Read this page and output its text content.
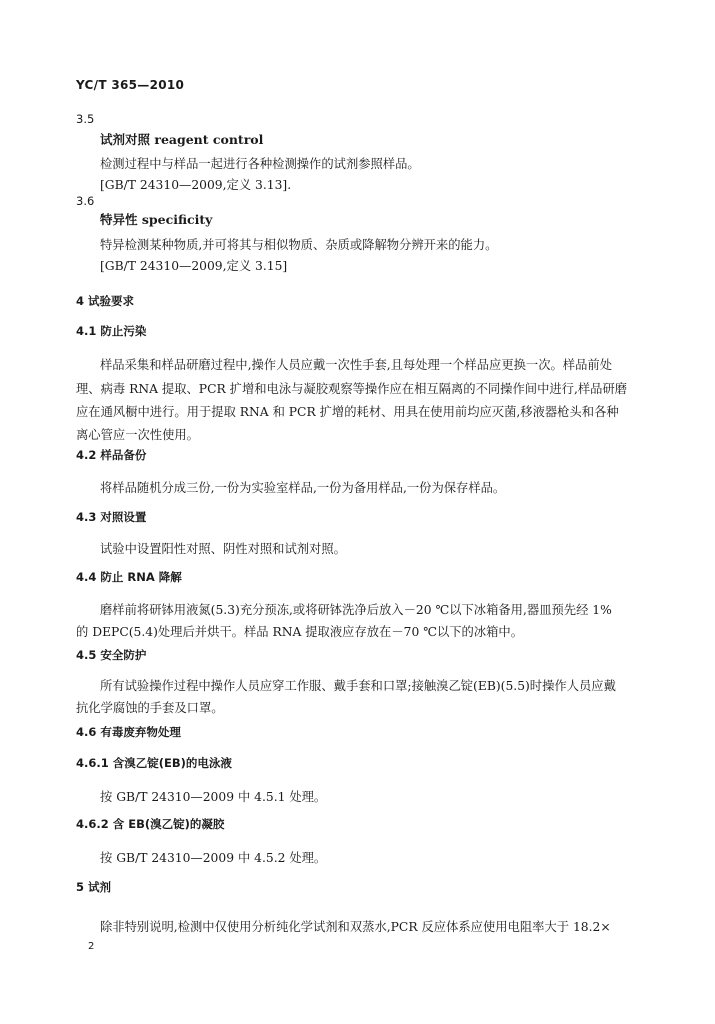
YC/T 365—2010
3.5
试剂对照 reagent control
检测过程中与样品一起进行各种检测操作的试剂参照样品。
[GB/T 24310—2009,定义 3.13].
3.6
特异性 specificity
特异检测某种物质,并可将其与相似物质、杂质或降解物分辨开来的能力。
[GB/T 24310—2009,定义 3.15]
4 试验要求
4.1 防止污染
样品采集和样品研磨过程中,操作人员应戴一次性手套,且每处理一个样品应更换一次。样品前处
理、病毒 RNA 提取、PCR 扩增和电泳与凝胶观察等操作应在相互隔离的不同操作间中进行,样品研磨
应在通风橱中进行。用于提取 RNA 和 PCR 扩增的耗材、用具在使用前均应灭菌,移液器枪头和各种
离心管应一次性使用。
4.2 样品备份
将样品随机分成三份,一份为实验室样品,一份为备用样品,一份为保存样品。
4.3 对照设置
试验中设置阳性对照、阴性对照和试剂对照。
4.4 防止 RNA 降解
磨样前将研钵用液氮(5.3)充分预冻,或将研钵洗净后放入－20 ℃以下冰箱备用,器皿预先经 1%
的 DEPC(5.4)处理后并烘干。样品 RNA 提取液应存放在－70 ℃以下的冰箱中。
4.5 安全防护
所有试验操作过程中操作人员应穿工作服、戴手套和口罩;接触溴乙锭(EB)(5.5)时操作人员应戴
抗化学腐蚀的手套及口罩。
4.6 有毒废弃物处理
4.6.1 含溴乙锭(EB)的电泳液
按 GB/T 24310—2009 中 4.5.1 处理。
4.6.2 含 EB(溴乙锭)的凝胶
按 GB/T 24310—2009 中 4.5.2 处理。
5 试剂
除非特别说明,检测中仅使用分析纯化学试剂和双蒸水,PCR 反应体系应使用电阻率大于 18.2×
2
